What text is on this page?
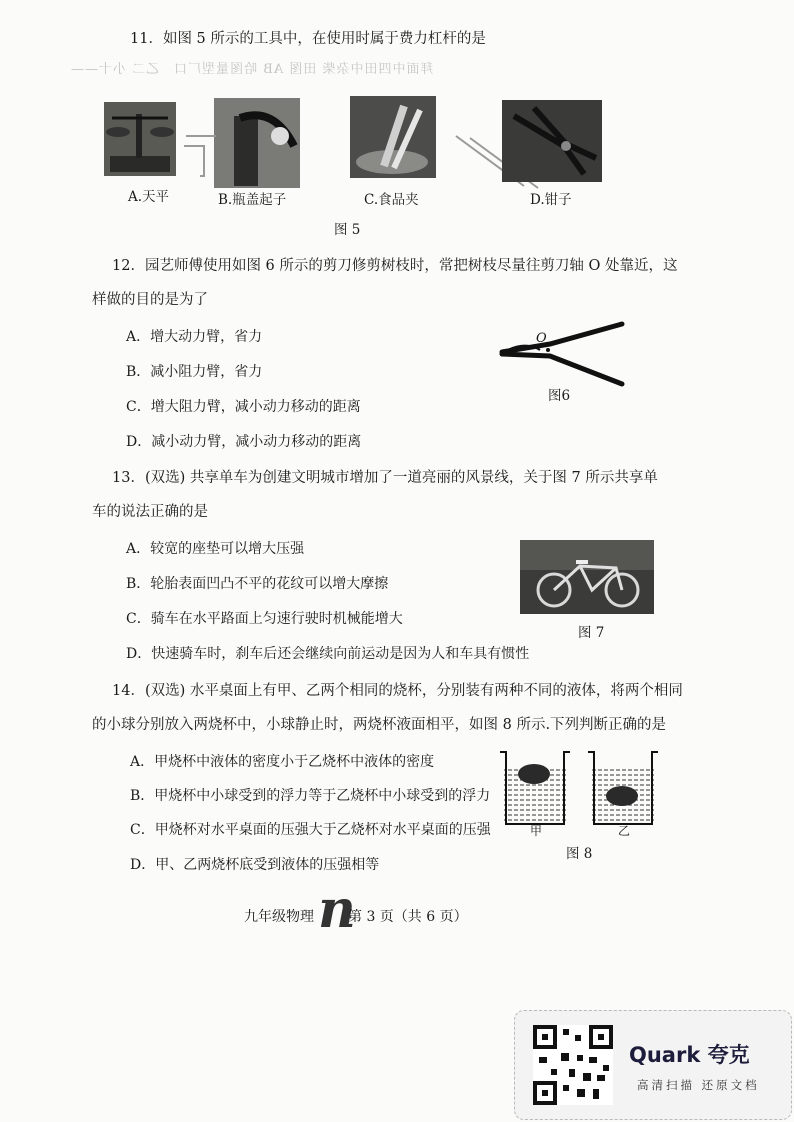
拜面中四田中杂柴 田图 AB 哈图量型厂口　乙二 小十——
11．如图 5 所示的工具中，在使用时属于费力杠杆的是
A.天平	B.瓶盖起子	C.食品夹	D.钳子
图 5
12．园艺师傅使用如图 6 所示的剪刀修剪树枝时，常把树枝尽量往剪刀轴 O 处靠近，这
样做的目的是为了
A．增大动力臂，省力
B．减小阻力臂，省力
C．增大阻力臂，减小动力移动的距离
D．减小动力臂，减小动力移动的距离
O
图6
13．(双选) 共享单车为创建文明城市增加了一道亮丽的风景线，关于图 7 所示共享单
车的说法正确的是
A．较宽的座垫可以增大压强
B．轮胎表面凹凸不平的花纹可以增大摩擦
C．骑车在水平路面上匀速行驶时机械能增大
D．快速骑车时，刹车后还会继续向前运动是因为人和车具有惯性
图 7
14．(双选) 水平桌面上有甲、乙两个相同的烧杯，分别装有两种不同的液体，将两个相同
的小球分别放入两烧杯中，小球静止时，两烧杯液面相平，如图 8 所示.下列判断正确的是
A．甲烧杯中液体的密度小于乙烧杯中液体的密度
B．甲烧杯中小球受到的浮力等于乙烧杯中小球受到的浮力
C．甲烧杯对水平桌面的压强大于乙烧杯对水平桌面的压强
D．甲、乙两烧杯底受到液体的压强相等
甲	乙
图 8
九年级物理 n
第 3 页（共 6 页）
Quark 夸克
高清扫描 还原文档
